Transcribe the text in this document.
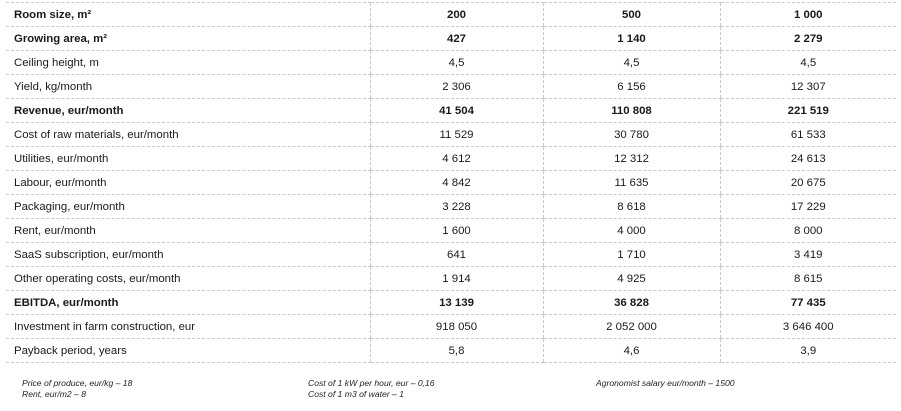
Room size, m²	200	500	1 000
Growing area, m²	427	1 140	2 279
Ceiling height, m	4,5	4,5	4,5
Yield, kg/month	2 306	6 156	12 307
Revenue, eur/month	41 504	110 808	221 519
Cost of raw materials, eur/month	11 529	30 780	61 533
Utilities, eur/month	4 612	12 312	24 613
Labour, eur/month	4 842	11 635	20 675
Packaging, eur/month	3 228	8 618	17 229
Rent, eur/month	1 600	4 000	8 000
SaaS subscription, eur/month	641	1 710	3 419
Other operating costs, eur/month	1 914	4 925	8 615
EBITDA, eur/month	13 139	36 828	77 435
Investment in farm construction, eur	918 050	2 052 000	3 646 400
Payback period, years	5,8	4,6	3,9
Price of produce, eur/kg – 18
Rent, eur/m2 – 8
Cost of 1 kW per hour, eur – 0,16
Cost of 1 m3 of water – 1
Agronomist salary eur/month – 1500
